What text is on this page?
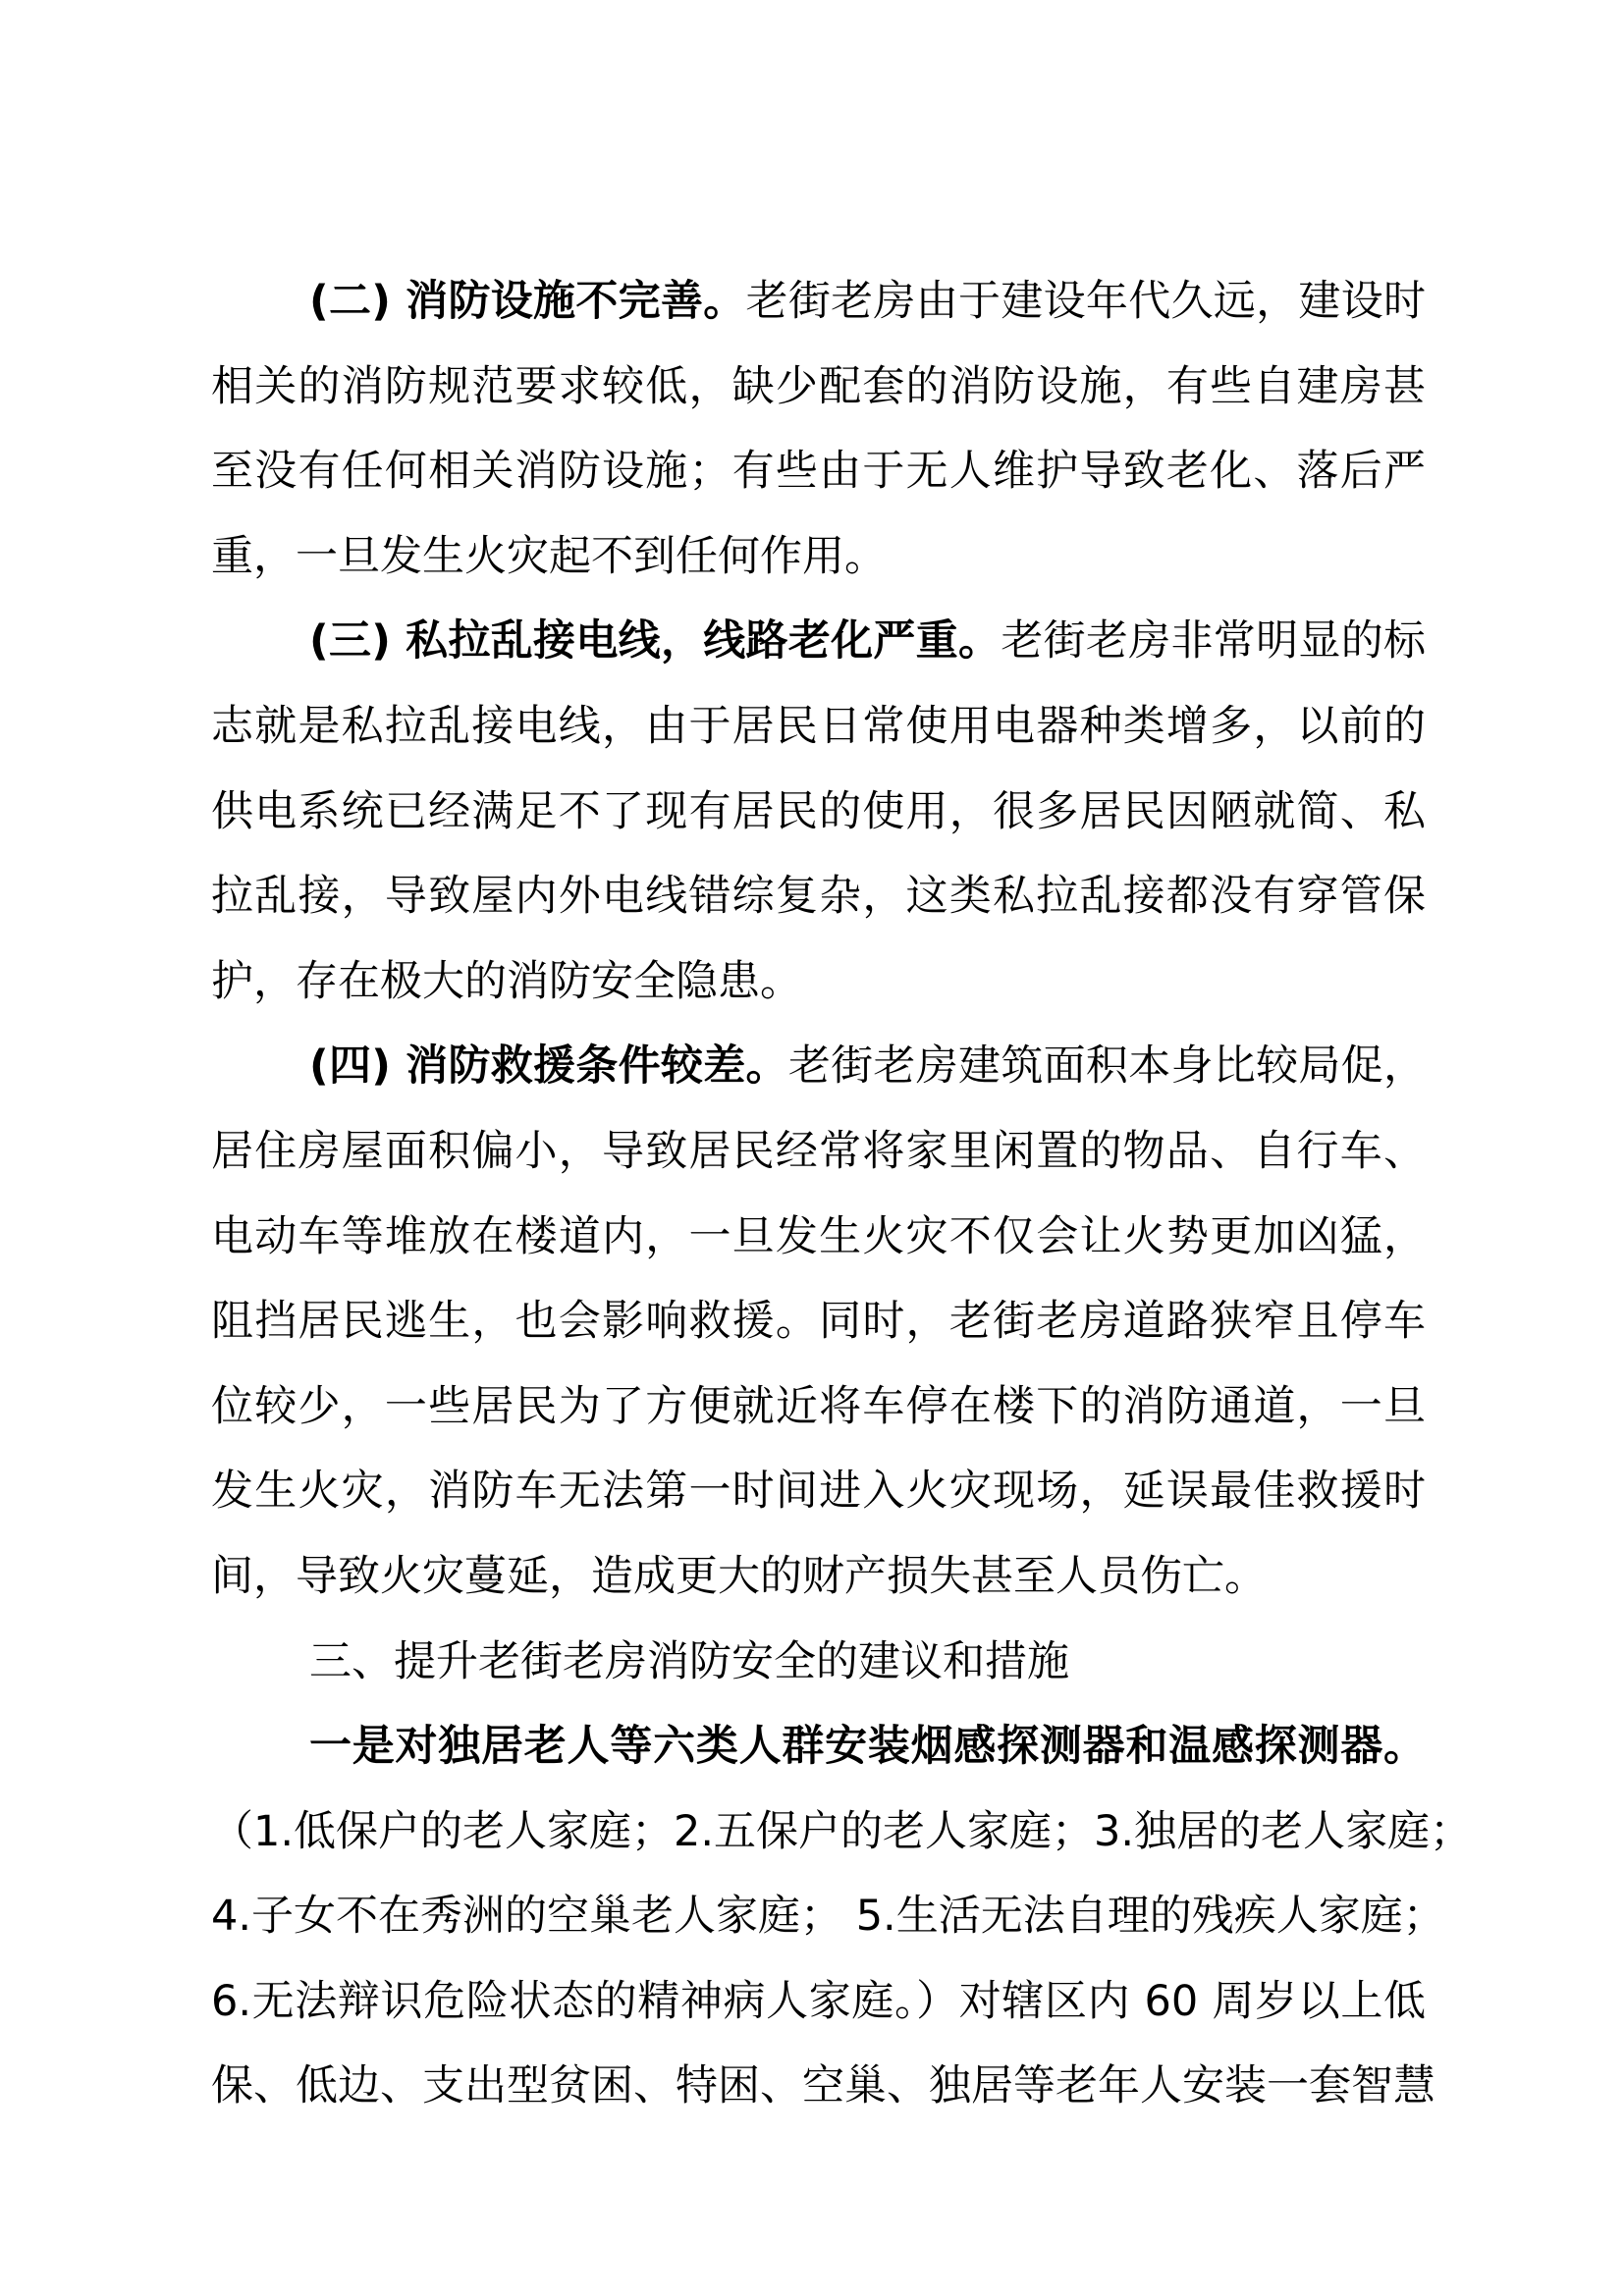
(二) 消防设施不完善。老街老房由于建设年代久远，建设时
相关的消防规范要求较低，缺少配套的消防设施，有些自建房甚
至没有任何相关消防设施；有些由于无人维护导致老化、落后严
重，一旦发生火灾起不到任何作用。
(三) 私拉乱接电线，线路老化严重。老街老房非常明显的标
志就是私拉乱接电线，由于居民日常使用电器种类增多，以前的
供电系统已经满足不了现有居民的使用，很多居民因陋就简、私
拉乱接，导致屋内外电线错综复杂，这类私拉乱接都没有穿管保
护，存在极大的消防安全隐患。
(四) 消防救援条件较差。老街老房建筑面积本身比较局促，
居住房屋面积偏小，导致居民经常将家里闲置的物品、自行车、
电动车等堆放在楼道内，一旦发生火灾不仅会让火势更加凶猛，
阻挡居民逃生，也会影响救援。同时，老街老房道路狭窄且停车
位较少，一些居民为了方便就近将车停在楼下的消防通道，一旦
发生火灾，消防车无法第一时间进入火灾现场，延误最佳救援时
间，导致火灾蔓延，造成更大的财产损失甚至人员伤亡。
三、提升老街老房消防安全的建议和措施
一是对独居老人等六类人群安装烟感探测器和温感探测器。
（1.低保户的老人家庭；2.五保户的老人家庭；3.独居的老人家庭；
4.子女不在秀洲的空巢老人家庭； 5.生活无法自理的残疾人家庭；
6.无法辩识危险状态的精神病人家庭。）对辖区内 60 周岁以上低
保、低边、支出型贫困、特困、空巢、独居等老年人安装一套智慧
